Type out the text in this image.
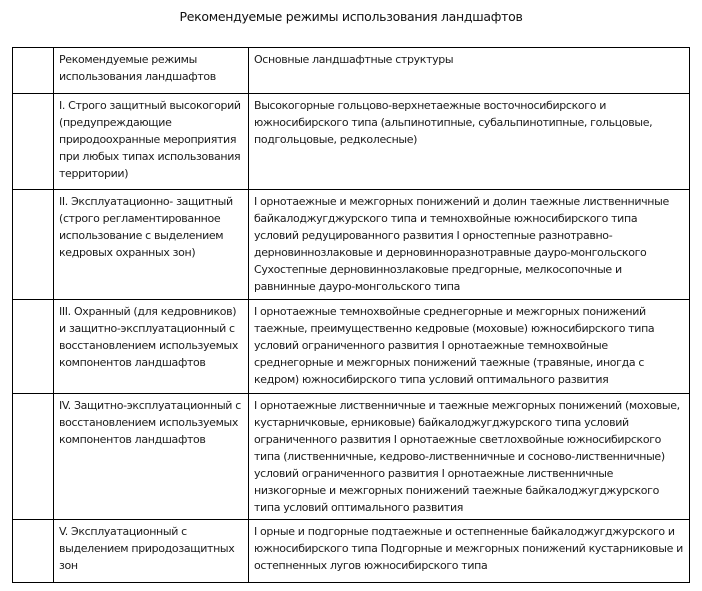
Рекомендуемые режимы использования ландшафтов
	Рекомендуемые режимы использования ландшафтов	Основные ландшафтные структуры
	I. Строго защитный высокогорий (предупреждающие природоохранные мероприятия при любых типах использования территории)	Высокогорные гольцово-верхнетаежные восточносибирского и южносибирского типа (альпинотипные, субальпинотипные, гольцовые, подгольцовые, редколесные)
	II. Эксплуатационно- защитный (строго регламентированное использование с выделением кедровых охранных зон)	I орнотаежные и межгорных понижений и долин таежные лиственничные байкалоджугджурского типа и темнохвойные южносибирского типа условий редуцированного развития I орностепные разнотравно-дерновиннозлаковые и дерновинноразнотравные дауро-монгольского Сухостепные дерновиннозлаковые предгорные, мелкосопочные и равнинные дауро-монгольского типа
	III. Охранный (для кедровников) и защитно-эксплуатационный с восстановлением используемых компонентов ландшафтов	I орнотаежные темнохвойные среднегорные и межгорных понижений таежные, преимущественно кедровые (моховые) южносибирского типа условий ограниченного развития I орнотаежные темнохвойные среднегорные и межгорных понижений таежные (травяные, иногда с кедром) южносибирского типа условий оптимального развития
	IV. Защитно-эксплуатационный с восстановлением используемых компонентов ландшафтов	I орнотаежные лиственничные и таежные межгорных понижений (моховые, кустарничковые, ерниковые) байкалоджугджурского типа условий ограниченного развития I орнотаежные светлохвойные южносибирского типа (лиственничные, кедрово-лиственничные и сосново-лиственничные) условий ограниченного развития I орнотаежные лиственничные низкогорные и межгорных понижений таежные байкалоджугджурского типа условий оптимального развития
	V. Эксплуатационный с выделением природозащитных зон	I орные и подгорные подтаежные и остепненные байкалоджугджурского и южносибирского типа Подгорные и межгорных понижений кустарниковые и остепненных лугов южносибирского типа
